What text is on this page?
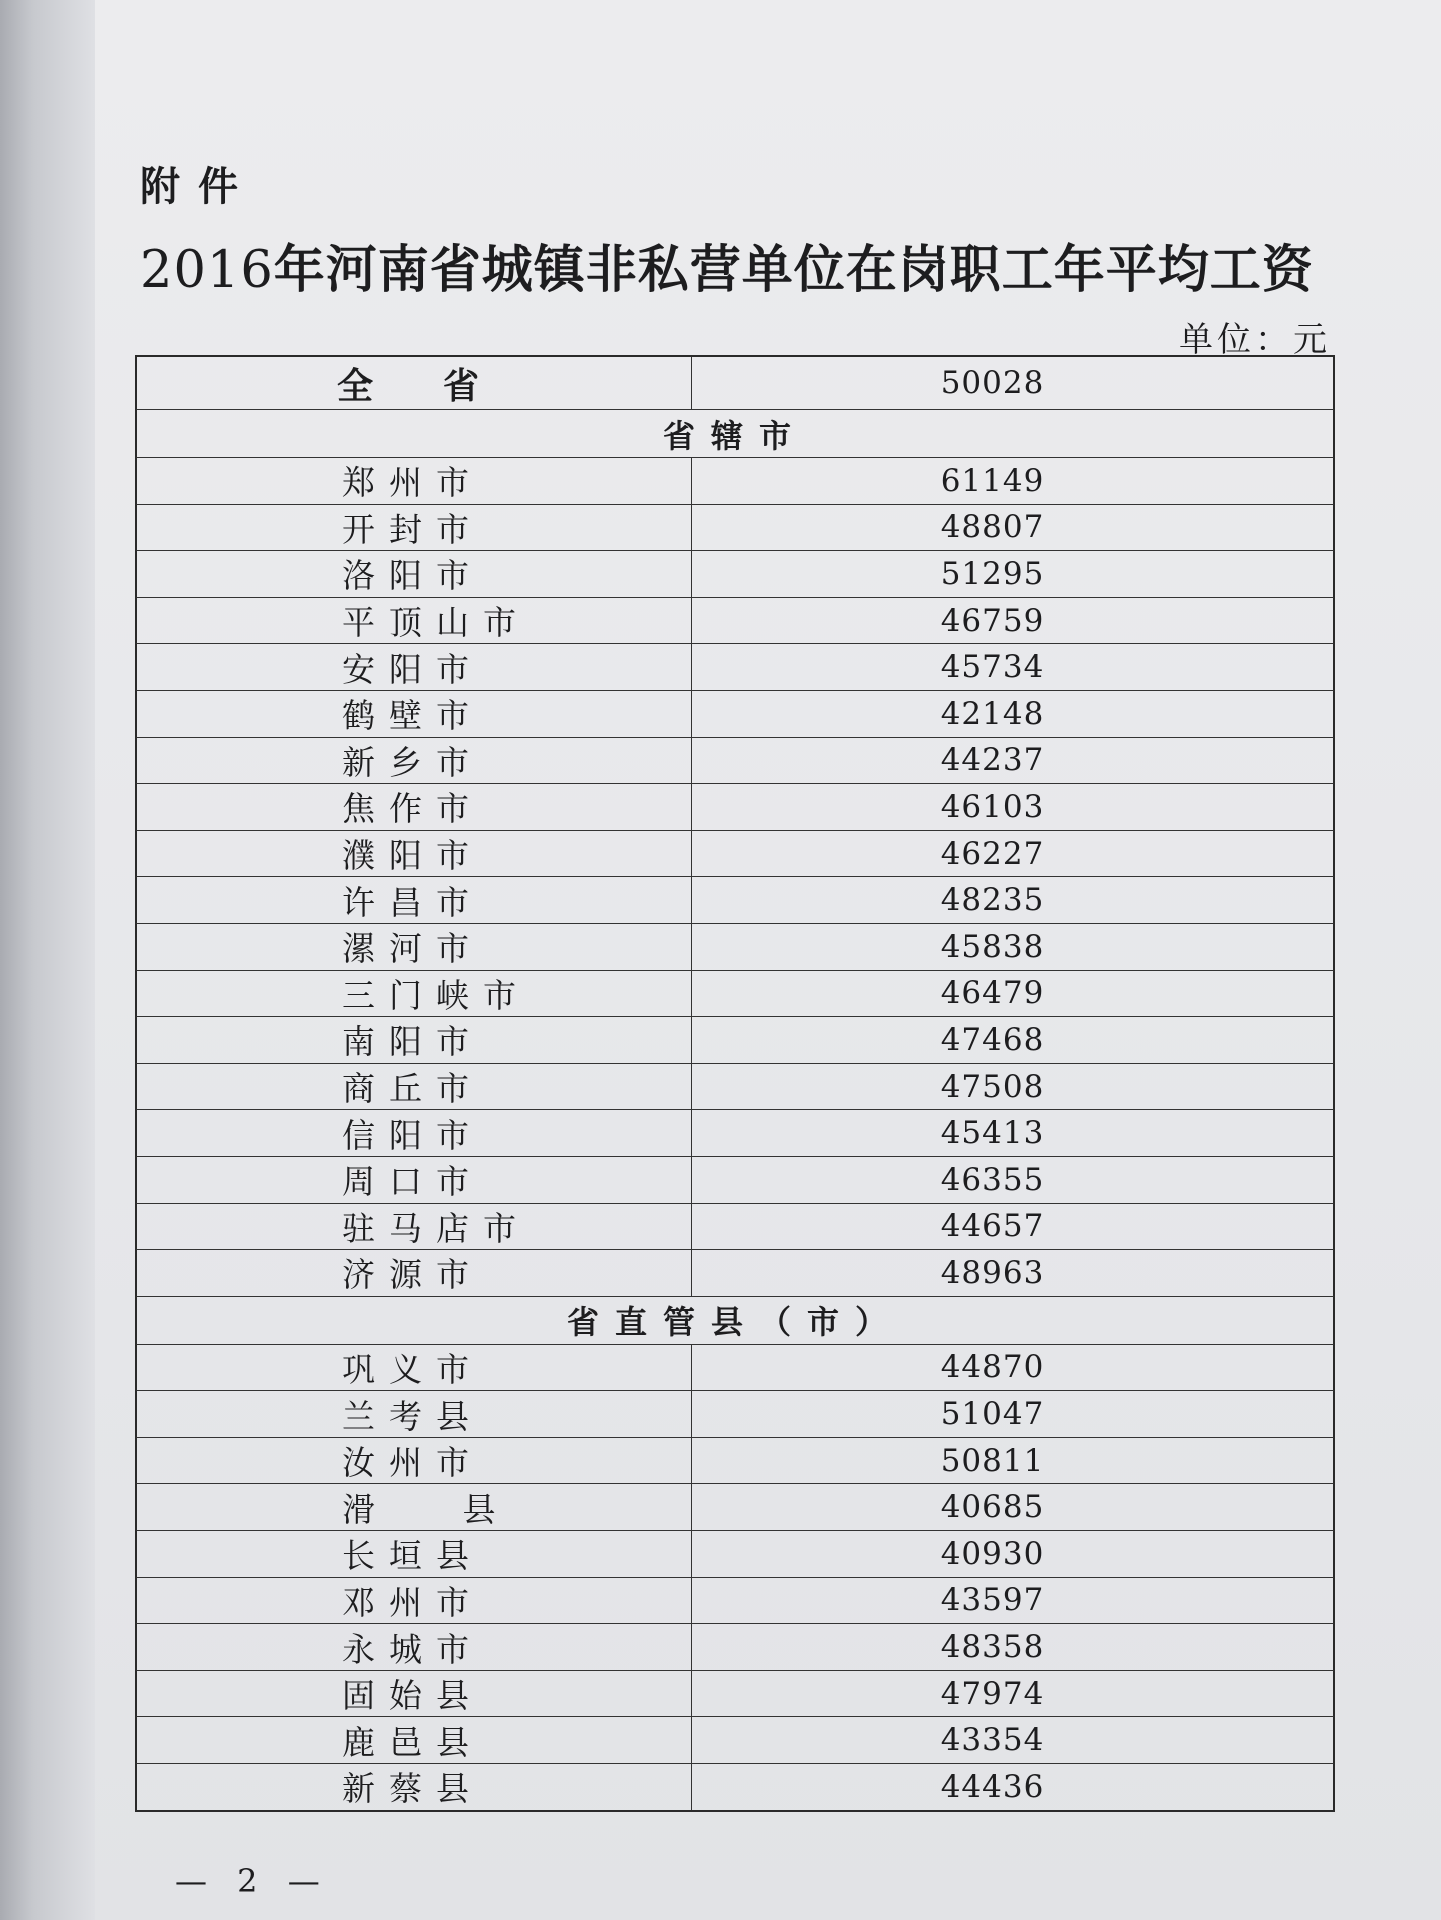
附件
2016年河南省城镇非私营单位在岗职工年平均工资
单位：元
全省	50028
省辖市
郑州市	61149
开封市	48807
洛阳市	51295
平顶山市	46759
安阳市	45734
鹤壁市	42148
新乡市	44237
焦作市	46103
濮阳市	46227
许昌市	48235
漯河市	45838
三门峡市	46479
南阳市	47468
商丘市	47508
信阳市	45413
周口市	46355
驻马店市	44657
济源市	48963
省直管县（市）
巩义市	44870
兰考县	51047
汝州市	50811
滑   县	40685
长垣县	40930
邓州市	43597
永城市	48358
固始县	47974
鹿邑县	43354
新蔡县	44436
— 2 —
